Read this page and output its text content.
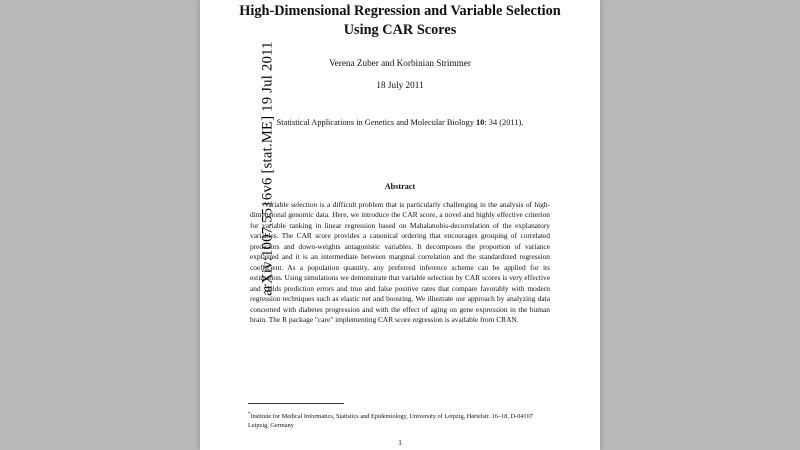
arXiv:1007.5516v6 [stat.ME] 19 Jul 2011
High-Dimensional Regression and Variable Selection
Using CAR Scores
Verena Zuber and Korbinian Strimmer
18 July 2011
Statistical Applications in Genetics and Molecular Biology 10: 34 (2011).
Abstract
Variable selection is a difficult problem that is particularly challenging in the analysis of high-dimensional genomic data. Here, we introduce the CAR score, a novel and highly effective criterion for variable ranking in linear regression based on Mahalanobis-decorrelation of the explanatory variables. The CAR score provides a canonical ordering that encourages grouping of correlated predictors and down-weights antagonistic variables. It decomposes the proportion of variance explained and it is an intermediate between marginal correlation and the standardized regression coefficient. As a population quantity, any preferred inference scheme can be applied for its estimation. Using simulations we demonstrate that variable selection by CAR scores is very effective and yields prediction errors and true and false positive rates that compare favorably with modern regression techniques such as elastic net and boosting. We illustrate our approach by analyzing data concerned with diabetes progression and with the effect of aging on gene expression in the human brain. The R package "care" implementing CAR score regression is available from CRAN.
*Institute for Medical Informatics, Statistics and Epidemiology, University of Leipzig, Härtelstr. 16–18, D-04107 Leipzig, Germany
1
